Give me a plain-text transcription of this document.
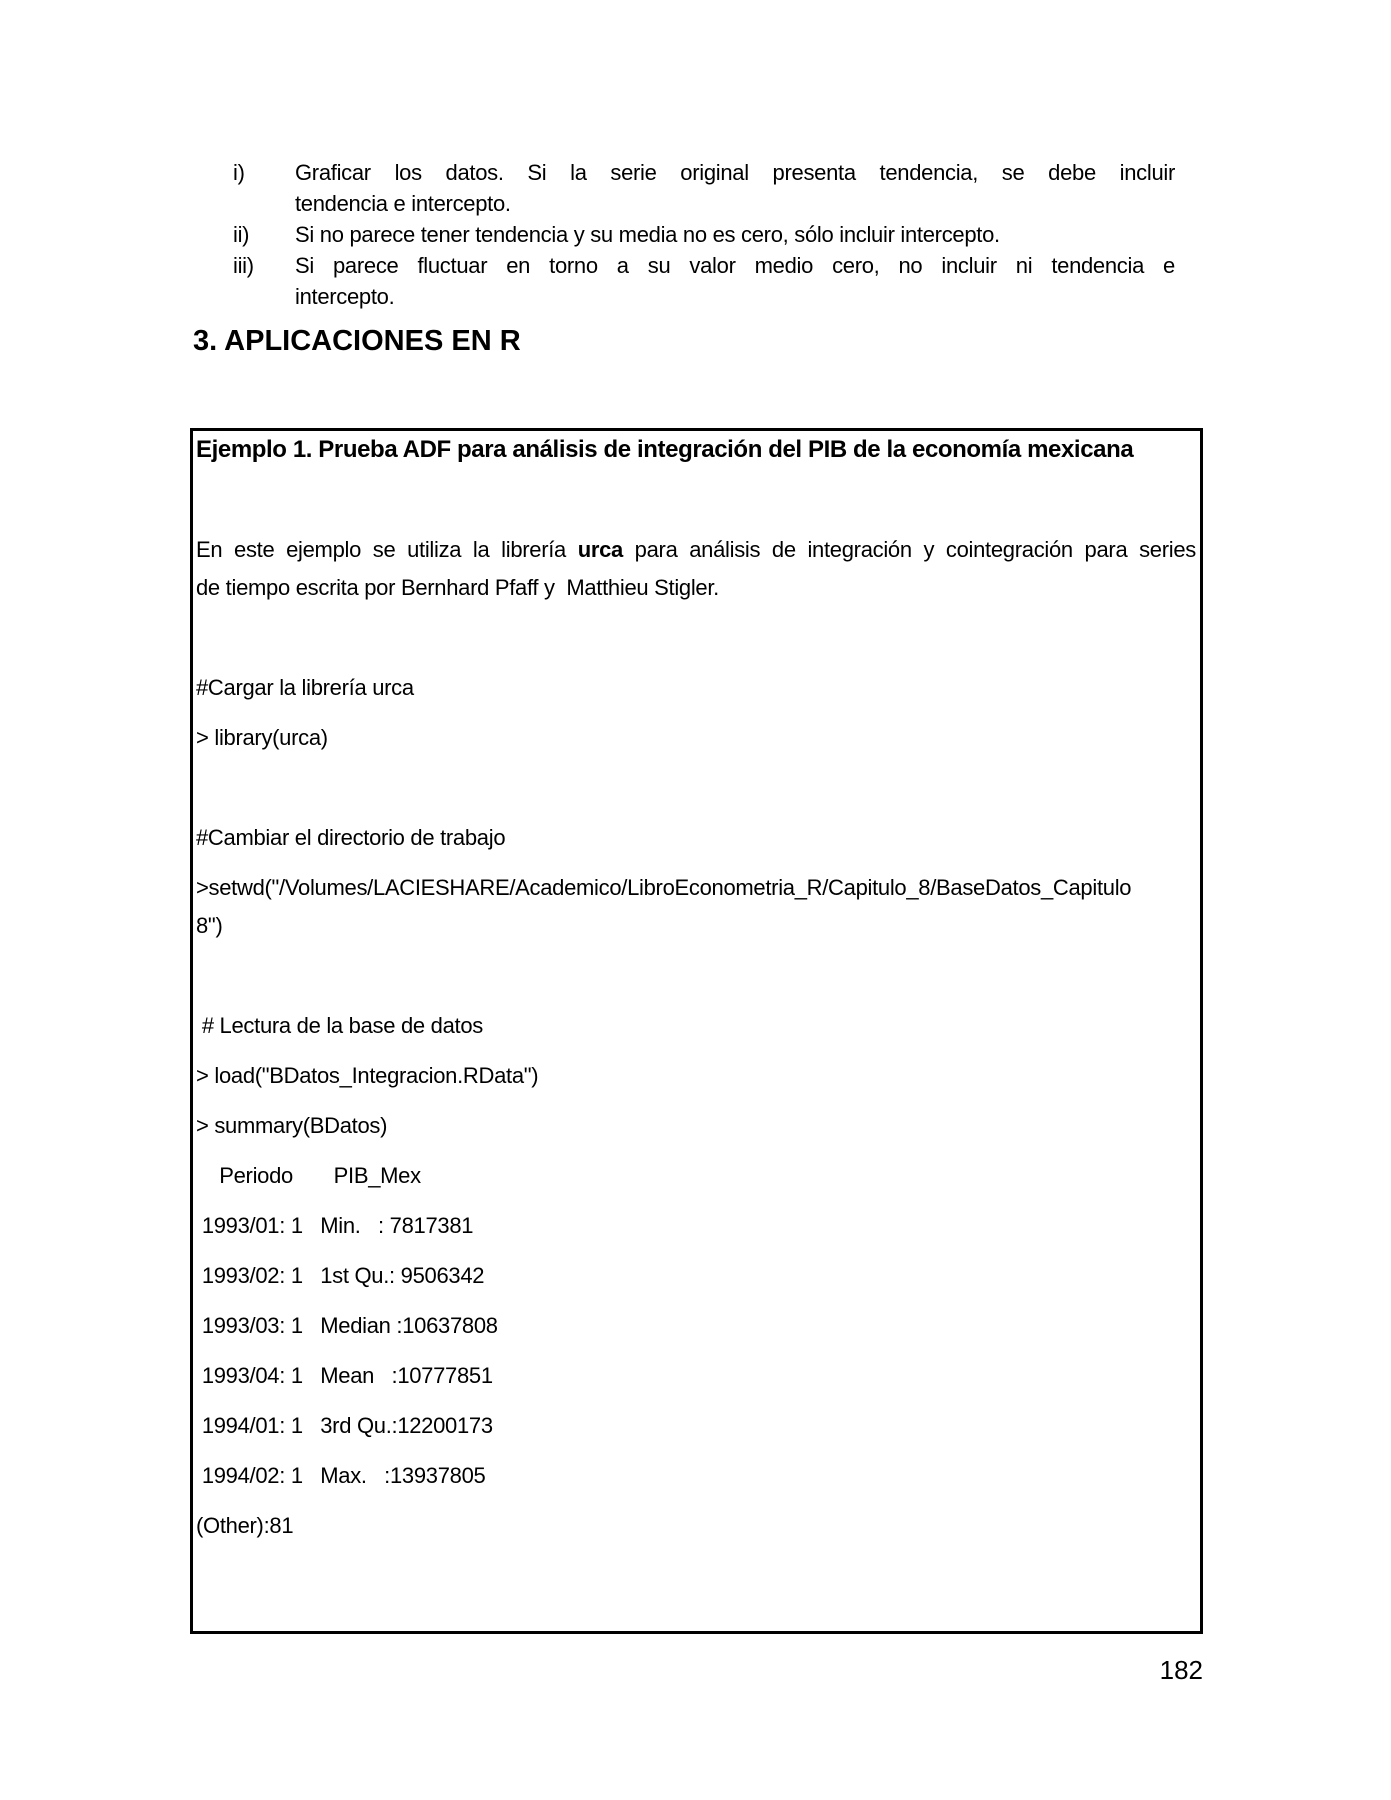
i)	Graficar los datos. Si la serie original presenta tendencia, se debe incluir
tendencia e intercepto.
ii)	Si no parece tener tendencia y su media no es cero, sólo incluir intercepto.
iii)	Si parece fluctuar en torno a su valor medio cero, no incluir ni tendencia e
intercepto.
3. APLICACIONES EN R
Ejemplo 1. Prueba ADF para análisis de integración del PIB de la economía mexicana
En este ejemplo se utiliza la librería urca para análisis de integración y cointegración para series
de tiempo escrita por Bernhard Pfaff y  Matthieu Stigler.
#Cargar la librería urca
> library(urca)
#Cambiar el directorio de trabajo
>setwd("/Volumes/LACIESHARE/Academico/LibroEconometria_R/Capitulo_8/BaseDatos_Capitulo
8")
# Lectura de la base de datos
> load("BDatos_Integracion.RData")
> summary(BDatos)
Periodo       PIB_Mex
1993/01: 1   Min.   : 7817381
1993/02: 1   1st Qu.: 9506342
1993/03: 1   Median :10637808
1993/04: 1   Mean   :10777851
1994/01: 1   3rd Qu.:12200173
1994/02: 1   Max.   :13937805
(Other):81
182
